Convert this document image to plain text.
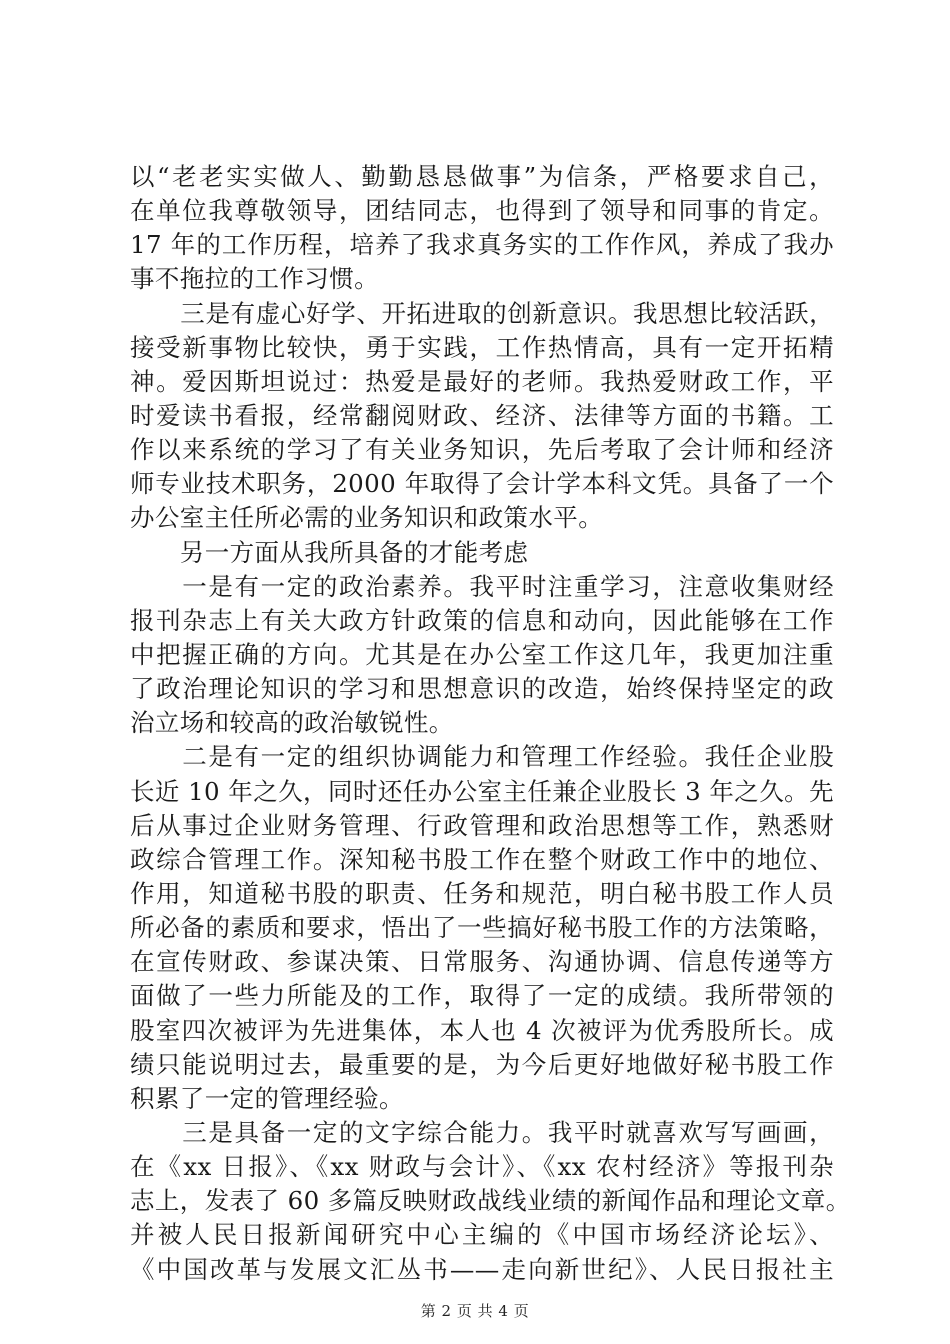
以“老老实实做人、勤勤恳恳做事”为信条，严格要求自己，
在单位我尊敬领导，团结同志，也得到了领导和同事的肯定。
17 年的工作历程，培养了我求真务实的工作作风，养成了我办
事不拖拉的工作习惯。
　　三是有虚心好学、开拓进取的创新意识。我思想比较活跃，
接受新事物比较快，勇于实践，工作热情高，具有一定开拓精
神。爱因斯坦说过：热爱是最好的老师。我热爱财政工作，平
时爱读书看报，经常翻阅财政、经济、法律等方面的书籍。工
作以来系统的学习了有关业务知识，先后考取了会计师和经济
师专业技术职务，2000 年取得了会计学本科文凭。具备了一个
办公室主任所必需的业务知识和政策水平。
　　另一方面从我所具备的才能考虑
　　一是有一定的政治素养。我平时注重学习，注意收集财经
报刊杂志上有关大政方针政策的信息和动向，因此能够在工作
中把握正确的方向。尤其是在办公室工作这几年，我更加注重
了政治理论知识的学习和思想意识的改造，始终保持坚定的政
治立场和较高的政治敏锐性。
　　二是有一定的组织协调能力和管理工作经验。我任企业股
长近 10 年之久，同时还任办公室主任兼企业股长 3 年之久。先
后从事过企业财务管理、行政管理和政治思想等工作，熟悉财
政综合管理工作。深知秘书股工作在整个财政工作中的地位、
作用，知道秘书股的职责、任务和规范，明白秘书股工作人员
所必备的素质和要求，悟出了一些搞好秘书股工作的方法策略，
在宣传财政、参谋决策、日常服务、沟通协调、信息传递等方
面做了一些力所能及的工作，取得了一定的成绩。我所带领的
股室四次被评为先进集体，本人也 4 次被评为优秀股所长。成
绩只能说明过去，最重要的是，为今后更好地做好秘书股工作
积累了一定的管理经验。
　　三是具备一定的文字综合能力。我平时就喜欢写写画画，
在《xx 日报》、《xx 财政与会计》、《xx 农村经济》等报刊杂
志上，发表了 60 多篇反映财政战线业绩的新闻作品和理论文章。
并被人民日报新闻研究中心主编的《中国市场经济论坛》、
《中国改革与发展文汇丛书——走向新世纪》、人民日报社主
第 2 页 共 4 页
